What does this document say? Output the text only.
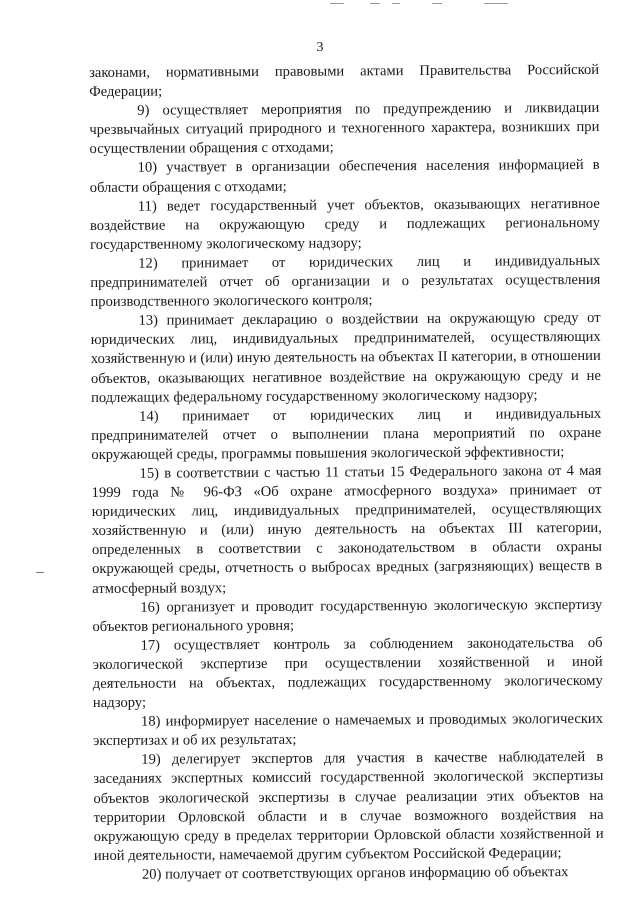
3

законами, нормативными правовыми актами Правительства Российской Федерации;

9) осуществляет мероприятия по предупреждению и ликвидации чрезвычайных ситуаций природного и техногенного характера, возникших при осуществлении обращения с отходами;

10) участвует в организации обеспечения населения информацией в области обращения с отходами;

11) ведет государственный учет объектов, оказывающих негативное воздействие на окружающую среду и подлежащих региональному государственному экологическому надзору;

12) принимает от юридических лиц и индивидуальных предпринимателей отчет об организации и о результатах осуществления производственного экологического контроля;

13) принимает декларацию о воздействии на окружающую среду от юридических лиц, индивидуальных предпринимателей, осуществляющих хозяйственную и (или) иную деятельность на объектах II категории, в отношении объектов, оказывающих негативное воздействие на окружающую среду и не подлежащих федеральному государственному экологическому надзору;

14) принимает от юридических лиц и индивидуальных предпринимателей отчет о выполнении плана мероприятий по охране окружающей среды, программы повышения экологической эффективности;

15) в соответствии с частью 11 статьи 15 Федерального закона от 4 мая 1999 года № 96-ФЗ «Об охране атмосферного воздуха» принимает от юридических лиц, индивидуальных предпринимателей, осуществляющих хозяйственную и (или) иную деятельность на объектах III категории, определенных в соответствии с законодательством в области охраны окружающей среды, отчетность о выбросах вредных (загрязняющих) веществ в атмосферный воздух;

16) организует и проводит государственную экологическую экспертизу объектов регионального уровня;

17) осуществляет контроль за соблюдением законодательства об экологической экспертизе при осуществлении хозяйственной и иной деятельности на объектах, подлежащих государственному экологическому надзору;

18) информирует население о намечаемых и проводимых экологических экспертизах и об их результатах;

19) делегирует экспертов для участия в качестве наблюдателей в заседаниях экспертных комиссий государственной экологической экспертизы объектов экологической экспертизы в случае реализации этих объектов на территории Орловской области и в случае возможного воздействия на окружающую среду в пределах территории Орловской области хозяйственной и иной деятельности, намечаемой другим субъектом Российской Федерации;

20) получает от соответствующих органов информацию об объектах
